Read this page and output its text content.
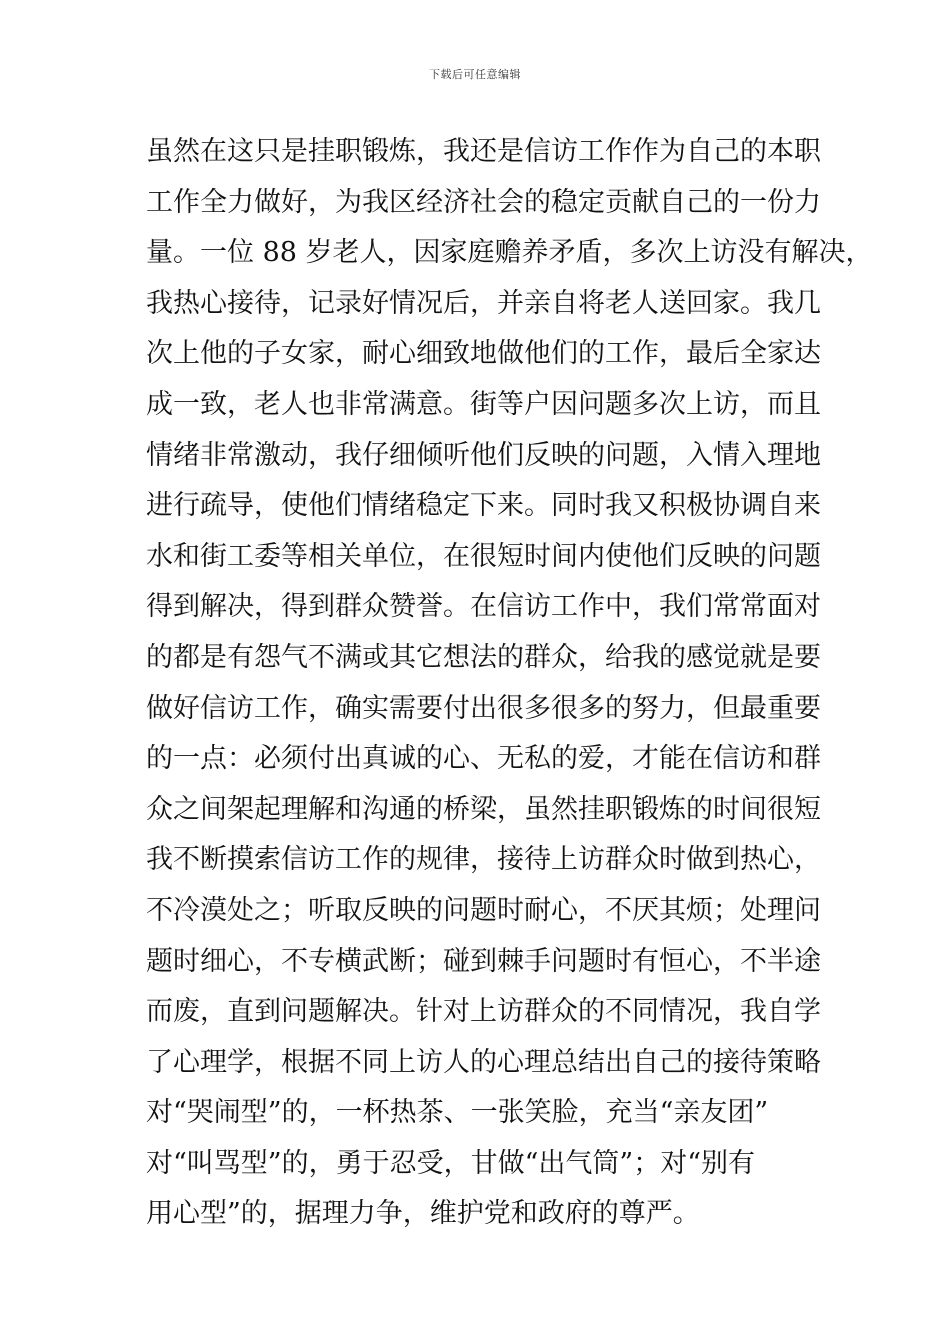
下载后可任意编辑
虽然在这只是挂职锻炼，我还是信访工作作为自己的本职
工作全力做好，为我区经济社会的稳定贡献自己的一份力
量。一位 88 岁老人，因家庭赡养矛盾，多次上访没有解决，
我热心接待，记录好情况后，并亲自将老人送回家。我几
次上他的子女家，耐心细致地做他们的工作，最后全家达
成一致，老人也非常满意。街等户因问题多次上访，而且
情绪非常激动，我仔细倾听他们反映的问题，入情入理地
进行疏导，使他们情绪稳定下来。同时我又积极协调自来
水和街工委等相关单位，在很短时间内使他们反映的问题
得到解决，得到群众赞誉。在信访工作中，我们常常面对
的都是有怨气不满或其它想法的群众，给我的感觉就是要
做好信访工作，确实需要付出很多很多的努力，但最重要
的一点：必须付出真诚的心、无私的爱，才能在信访和群
众之间架起理解和沟通的桥梁，虽然挂职锻炼的时间很短
我不断摸索信访工作的规律，接待上访群众时做到热心，
不冷漠处之；听取反映的问题时耐心，不厌其烦；处理问
题时细心，不专横武断；碰到棘手问题时有恒心，不半途
而废，直到问题解决。针对上访群众的不同情况，我自学
了心理学，根据不同上访人的心理总结出自己的接待策略
对“哭闹型”的，一杯热茶、一张笑脸，充当“亲友团”
对“叫骂型”的，勇于忍受，甘做“出气筒”；对“别有
用心型”的，据理力争，维护党和政府的尊严。
